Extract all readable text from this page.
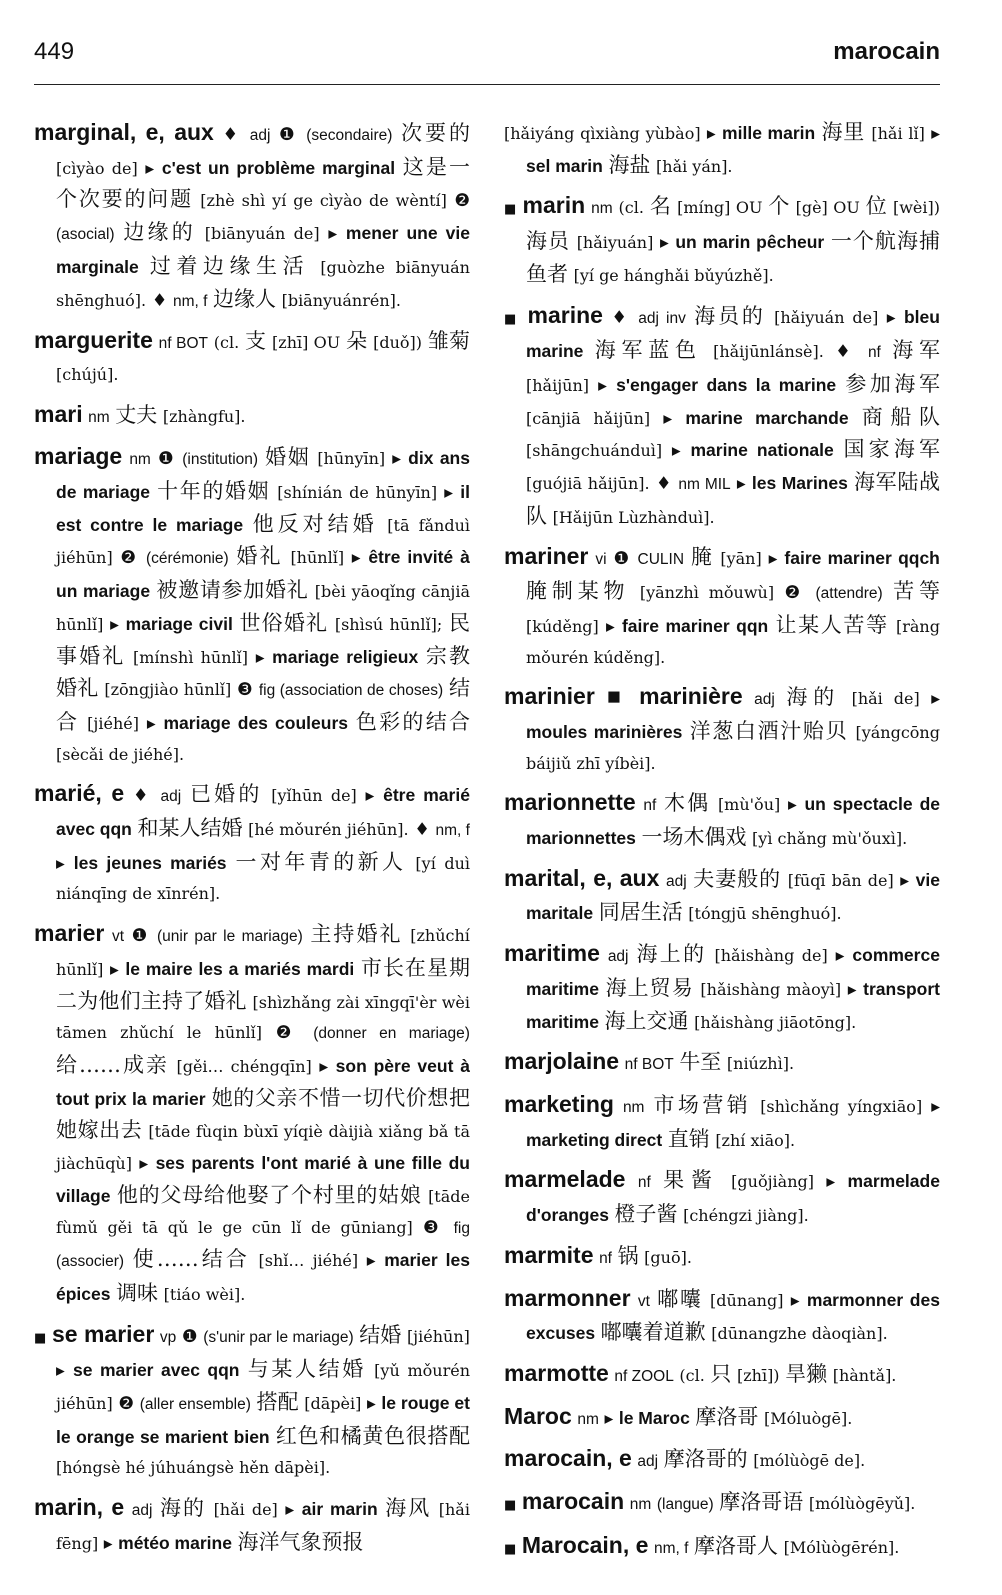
449	marocain
marginal, e, aux ♦ adj ❶ (secondaire) 次要的 [cìyào de] ▸ c'est un problème marginal 这是一个次要的问题 [zhè shì yí ge cìyào de wèntí] ❷ (asocial) 边缘的 [biānyuán de] ▸ mener une vie marginale 过着边缘生活 [guòzhe biānyuán shēnghuó]. ♦ nm, f 边缘人 [biānyuánrén].
marguerite nf BOT (cl. 支 [zhī] OU 朵 [duǒ]) 雏菊 [chújú].
mari nm 丈夫 [zhàngfu].
mariage nm ❶ (institution) 婚姻 [hūnyīn] ▸ dix ans de mariage 十年的婚姻 [shínián de hūnyīn] ▸ il est contre le mariage 他反对结婚 [tā fǎnduì jiéhūn] ❷ (cérémonie) 婚礼 [hūnlǐ] ▸ être invité à un mariage 被邀请参加婚礼 [bèi yāoqǐng cānjiā hūnlǐ] ▸ mariage civil 世俗婚礼 [shìsú hūnlǐ]; 民事婚礼 [mínshì hūnlǐ] ▸ mariage religieux 宗教婚礼 [zōngjiào hūnlǐ] ❸ fig (association de choses) 结合 [jiéhé] ▸ mariage des couleurs 色彩的结合 [sècǎi de jiéhé].
marié, e ♦ adj 已婚的 [yǐhūn de] ▸ être marié avec qqn 和某人结婚 [hé mǒurén jiéhūn]. ♦ nm, f ▸ les jeunes mariés 一对年青的新人 [yí duì niánqīng de xīnrén].
marier vt ❶ (unir par le mariage) 主持婚礼 [zhǔchí hūnlǐ] ▸ le maire les a mariés mardi 市长在星期二为他们主持了婚礼 [shìzhǎng zài xīngqī'èr wèi tāmen zhǔchí le hūnlǐ] ❷ (donner en mariage) 给……成亲 [gěi… chéngqīn] ▸ son père veut à tout prix la marier 她的父亲不惜一切代价想把她嫁出去 [tāde fùqin bùxī yíqiè dàijià xiǎng bǎ tā jiàchūqù] ▸ ses parents l'ont marié à une fille du village 他的父母给他娶了个村里的姑娘 [tāde fùmǔ gěi tā qǔ le ge cūn lǐ de gūniang] ❸ fig (associer) 使……结合 [shǐ… jiéhé] ▸ marier les épices 调味 [tiáo wèi].
■ se marier vp ❶ (s'unir par le mariage) 结婚 [jiéhūn] ▸ se marier avec qqn 与某人结婚 [yǔ mǒurén jiéhūn] ❷ (aller ensemble) 搭配 [dāpèi] ▸ le rouge et le orange se marient bien 红色和橘黄色很搭配 [hóngsè hé júhuángsè hěn dāpèi].
marin, e adj 海的 [hǎi de] ▸ air marin 海风 [hǎi fēng] ▸ météo marine 海洋气象预报
[hǎiyáng qìxiàng yùbào] ▸ mille marin 海里 [hǎi lǐ] ▸ sel marin 海盐 [hǎi yán].
■ marin nm (cl. 名 [míng] OU 个 [gè] OU 位 [wèi]) 海员 [hǎiyuán] ▸ un marin pêcheur 一个航海捕鱼者 [yí ge hánghǎi bǔyúzhě].
■ marine ♦ adj inv 海员的 [hǎiyuán de] ▸ bleu marine 海军蓝色 [hǎijūnlánsè]. ♦ nf 海军 [hǎijūn] ▸ s'engager dans la marine 参加海军 [cānjiā hǎijūn] ▸ marine marchande 商船队 [shāngchuánduì] ▸ marine nationale 国家海军 [guójiā hǎijūn]. ♦ nm MIL ▸ les Marines 海军陆战队 [Hǎijūn Lùzhànduì].
mariner vi ❶ CULIN 腌 [yān] ▸ faire mariner qqch 腌制某物 [yānzhì mǒuwù] ❷ (attendre) 苦等 [kúděng] ▸ faire mariner qqn 让某人苦等 [ràng mǒurén kúděng].
marinier ■ marinière adj 海的 [hǎi de] ▸ moules marinières 洋葱白酒汁贻贝 [yángcōng báijiǔ zhī yíbèi].
marionnette nf 木偶 [mù'ǒu] ▸ un spectacle de marionnettes 一场木偶戏 [yì chǎng mù'ǒuxì].
marital, e, aux adj 夫妻般的 [fūqī bān de] ▸ vie maritale 同居生活 [tóngjū shēnghuó].
maritime adj 海上的 [hǎishàng de] ▸ commerce maritime 海上贸易 [hǎishàng màoyì] ▸ transport maritime 海上交通 [hǎishàng jiāotōng].
marjolaine nf BOT 牛至 [niúzhì].
marketing nm 市场营销 [shìchǎng yíngxiāo] ▸ marketing direct 直销 [zhí xiāo].
marmelade nf 果酱 [guǒjiàng] ▸ marmelade d'oranges 橙子酱 [chéngzi jiàng].
marmite nf 锅 [guō].
marmonner vt 嘟囔 [dūnang] ▸ marmonner des excuses 嘟囔着道歉 [dūnangzhe dàoqiàn].
marmotte nf ZOOL (cl. 只 [zhī]) 旱獭 [hàntǎ].
Maroc nm ▸ le Maroc 摩洛哥 [Móluògē].
marocain, e adj 摩洛哥的 [mólùògē de].
■ marocain nm (langue) 摩洛哥语 [mólùògēyǔ].
■ Marocain, e nm, f 摩洛哥人 [Mólùògērén].
